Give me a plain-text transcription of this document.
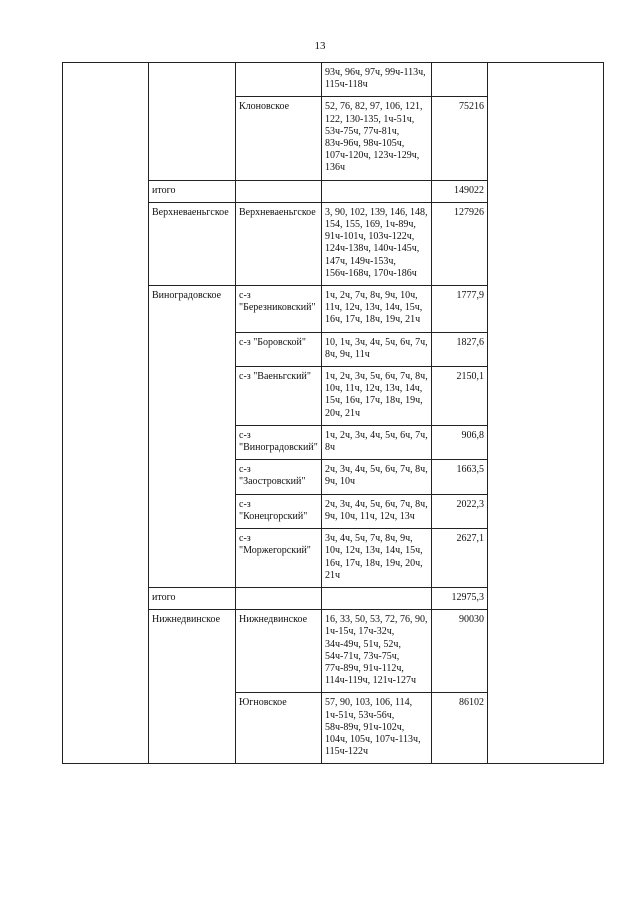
13
			93ч, 96ч, 97ч, 99ч-113ч, 115ч-118ч		
		Клоновское	52, 76, 82, 97, 106, 121, 122, 130-135, 1ч-51ч, 53ч-75ч, 77ч-81ч, 83ч-96ч, 98ч-105ч, 107ч-120ч, 123ч-129ч, 136ч	75216	
	итого			149022	
	Верхневаеньгское	Верхневаеньгское	3, 90, 102, 139, 146, 148, 154, 155, 169, 1ч-89ч, 91ч-101ч, 103ч-122ч, 124ч-138ч, 140ч-145ч, 147ч, 149ч-153ч, 156ч-168ч, 170ч-186ч	127926	
	Виноградовское	с-з "Березниковский"	1ч, 2ч, 7ч, 8ч, 9ч, 10ч, 11ч, 12ч, 13ч, 14ч, 15ч, 16ч, 17ч, 18ч, 19ч, 21ч	1777,9	
		с-з "Боровской"	10, 1ч, 3ч, 4ч, 5ч, 6ч, 7ч, 8ч, 9ч, 11ч	1827,6	
		с-з "Ваеньгский"	1ч, 2ч, 3ч, 5ч, 6ч, 7ч, 8ч, 10ч, 11ч, 12ч, 13ч, 14ч, 15ч, 16ч, 17ч, 18ч, 19ч, 20ч, 21ч	2150,1	
		с-з "Виноградовский"	1ч, 2ч, 3ч, 4ч, 5ч, 6ч, 7ч, 8ч	906,8	
		с-з "Заостровский"	2ч, 3ч, 4ч, 5ч, 6ч, 7ч, 8ч, 9ч, 10ч	1663,5	
		с-з "Конецгорский"	2ч, 3ч, 4ч, 5ч, 6ч, 7ч, 8ч, 9ч, 10ч, 11ч, 12ч, 13ч	2022,3	
		с-з "Моржегорский"	3ч, 4ч, 5ч, 7ч, 8ч, 9ч, 10ч, 12ч, 13ч, 14ч, 15ч, 16ч, 17ч, 18ч, 19ч, 20ч, 21ч	2627,1	
	итого			12975,3	
	Нижнедвинское	Нижнедвинское	16, 33, 50, 53, 72, 76, 90, 1ч-15ч, 17ч-32ч, 34ч-49ч, 51ч, 52ч, 54ч-71ч, 73ч-75ч, 77ч-89ч, 91ч-112ч, 114ч-119ч, 121ч-127ч	90030	
		Югновское	57, 90, 103, 106, 114, 1ч-51ч, 53ч-56ч, 58ч-89ч, 91ч-102ч, 104ч, 105ч, 107ч-113ч, 115ч-122ч	86102	
